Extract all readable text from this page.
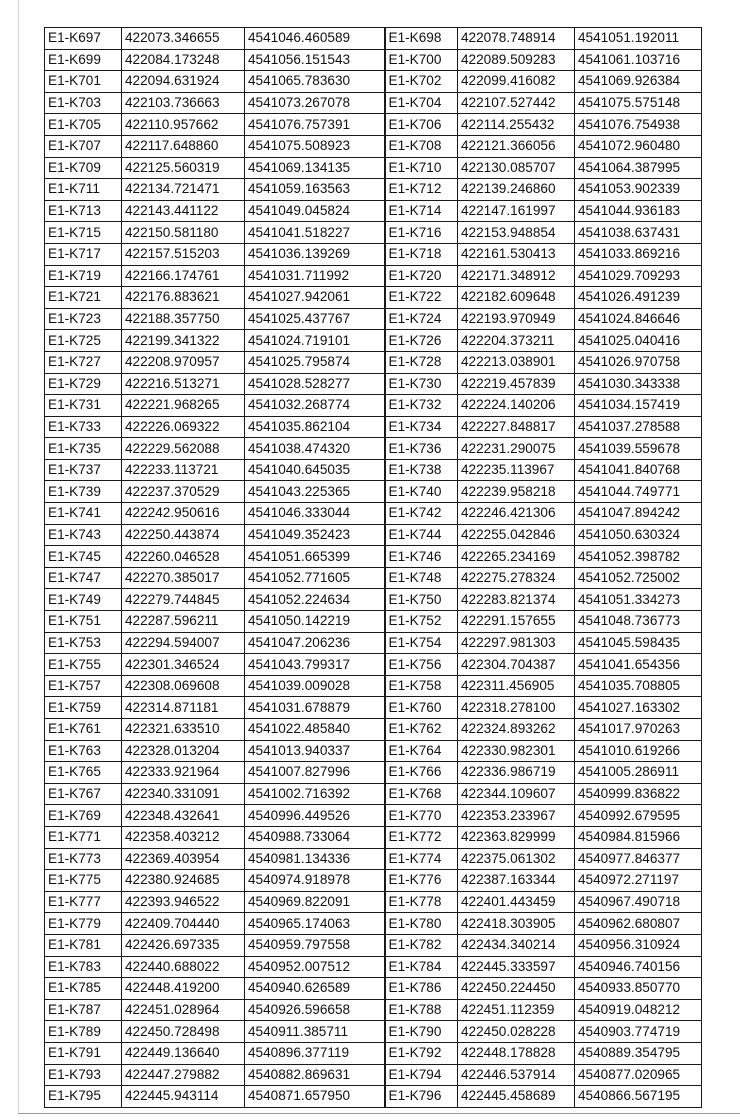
E1-K697	422073.346655	4541046.460589	E1-K698	422078.748914	4541051.192011
E1-K699	422084.173248	4541056.151543	E1-K700	422089.509283	4541061.103716
E1-K701	422094.631924	4541065.783630	E1-K702	422099.416082	4541069.926384
E1-K703	422103.736663	4541073.267078	E1-K704	422107.527442	4541075.575148
E1-K705	422110.957662	4541076.757391	E1-K706	422114.255432	4541076.754938
E1-K707	422117.648860	4541075.508923	E1-K708	422121.366056	4541072.960480
E1-K709	422125.560319	4541069.134135	E1-K710	422130.085707	4541064.387995
E1-K711	422134.721471	4541059.163563	E1-K712	422139.246860	4541053.902339
E1-K713	422143.441122	4541049.045824	E1-K714	422147.161997	4541044.936183
E1-K715	422150.581180	4541041.518227	E1-K716	422153.948854	4541038.637431
E1-K717	422157.515203	4541036.139269	E1-K718	422161.530413	4541033.869216
E1-K719	422166.174761	4541031.711992	E1-K720	422171.348912	4541029.709293
E1-K721	422176.883621	4541027.942061	E1-K722	422182.609648	4541026.491239
E1-K723	422188.357750	4541025.437767	E1-K724	422193.970949	4541024.846646
E1-K725	422199.341322	4541024.719101	E1-K726	422204.373211	4541025.040416
E1-K727	422208.970957	4541025.795874	E1-K728	422213.038901	4541026.970758
E1-K729	422216.513271	4541028.528277	E1-K730	422219.457839	4541030.343338
E1-K731	422221.968265	4541032.268774	E1-K732	422224.140206	4541034.157419
E1-K733	422226.069322	4541035.862104	E1-K734	422227.848817	4541037.278588
E1-K735	422229.562088	4541038.474320	E1-K736	422231.290075	4541039.559678
E1-K737	422233.113721	4541040.645035	E1-K738	422235.113967	4541041.840768
E1-K739	422237.370529	4541043.225365	E1-K740	422239.958218	4541044.749771
E1-K741	422242.950616	4541046.333044	E1-K742	422246.421306	4541047.894242
E1-K743	422250.443874	4541049.352423	E1-K744	422255.042846	4541050.630324
E1-K745	422260.046528	4541051.665399	E1-K746	422265.234169	4541052.398782
E1-K747	422270.385017	4541052.771605	E1-K748	422275.278324	4541052.725002
E1-K749	422279.744845	4541052.224634	E1-K750	422283.821374	4541051.334273
E1-K751	422287.596211	4541050.142219	E1-K752	422291.157655	4541048.736773
E1-K753	422294.594007	4541047.206236	E1-K754	422297.981303	4541045.598435
E1-K755	422301.346524	4541043.799317	E1-K756	422304.704387	4541041.654356
E1-K757	422308.069608	4541039.009028	E1-K758	422311.456905	4541035.708805
E1-K759	422314.871181	4541031.678879	E1-K760	422318.278100	4541027.163302
E1-K761	422321.633510	4541022.485840	E1-K762	422324.893262	4541017.970263
E1-K763	422328.013204	4541013.940337	E1-K764	422330.982301	4541010.619266
E1-K765	422333.921964	4541007.827996	E1-K766	422336.986719	4541005.286911
E1-K767	422340.331091	4541002.716392	E1-K768	422344.109607	4540999.836822
E1-K769	422348.432641	4540996.449526	E1-K770	422353.233967	4540992.679595
E1-K771	422358.403212	4540988.733064	E1-K772	422363.829999	4540984.815966
E1-K773	422369.403954	4540981.134336	E1-K774	422375.061302	4540977.846377
E1-K775	422380.924685	4540974.918978	E1-K776	422387.163344	4540972.271197
E1-K777	422393.946522	4540969.822091	E1-K778	422401.443459	4540967.490718
E1-K779	422409.704440	4540965.174063	E1-K780	422418.303905	4540962.680807
E1-K781	422426.697335	4540959.797558	E1-K782	422434.340214	4540956.310924
E1-K783	422440.688022	4540952.007512	E1-K784	422445.333597	4540946.740156
E1-K785	422448.419200	4540940.626589	E1-K786	422450.224450	4540933.850770
E1-K787	422451.028964	4540926.596658	E1-K788	422451.112359	4540919.048212
E1-K789	422450.728498	4540911.385711	E1-K790	422450.028228	4540903.774719
E1-K791	422449.136640	4540896.377119	E1-K792	422448.178828	4540889.354795
E1-K793	422447.279882	4540882.869631	E1-K794	422446.537914	4540877.020965
E1-K795	422445.943114	4540871.657950	E1-K796	422445.458689	4540866.567195
